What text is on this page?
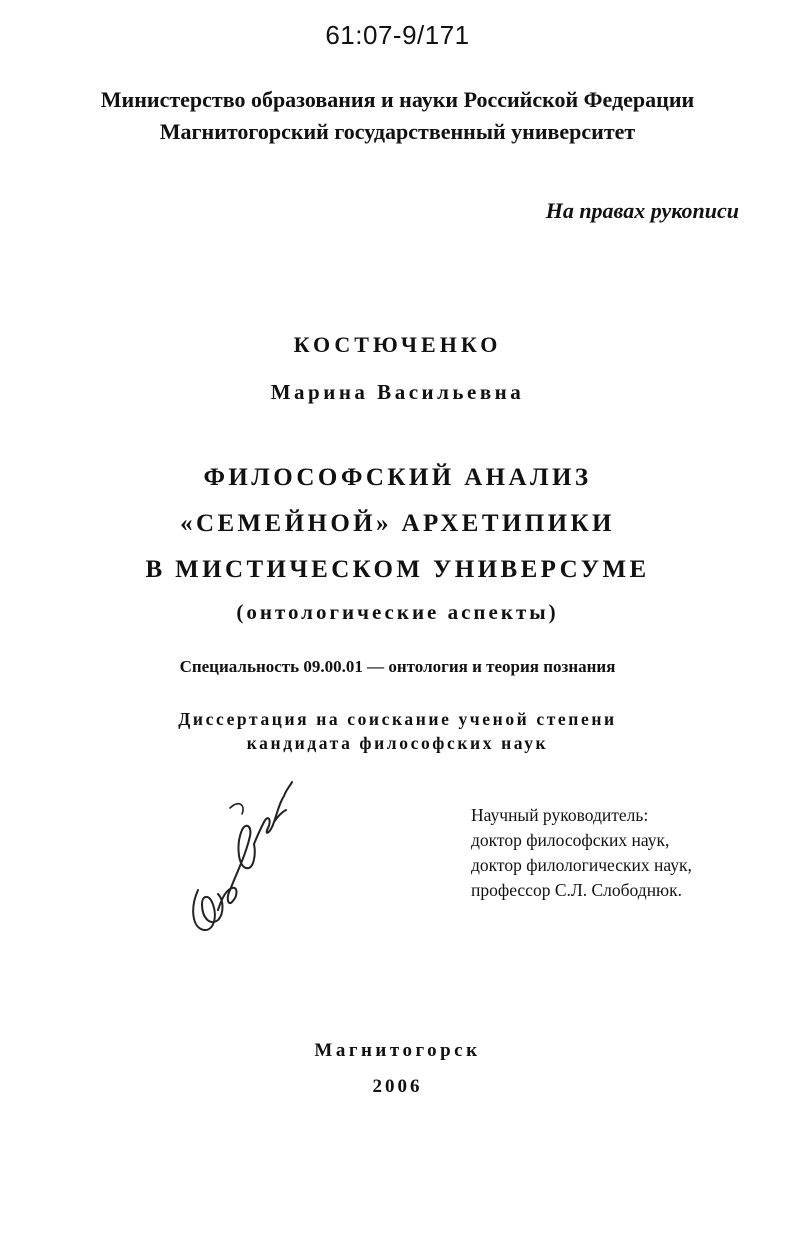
61:07-9/171
Министерство образования и науки Российской Федерации
Магнитогорский государственный университет
На правах рукописи
КОСТЮЧЕНКО
Марина Васильевна
ФИЛОСОФСКИЙ АНАЛИЗ
«СЕМЕЙНОЙ» АРХЕТИПИКИ
В МИСТИЧЕСКОМ УНИВЕРСУМЕ
(онтологические аспекты)
Специальность 09.00.01 — онтология и теория познания
Диссертация на соискание ученой степени
кандидата философских наук
Научный руководитель:
доктор философских наук,
доктор филологических наук,
профессор С.Л. Слободнюк.
Магнитогорск
2006
